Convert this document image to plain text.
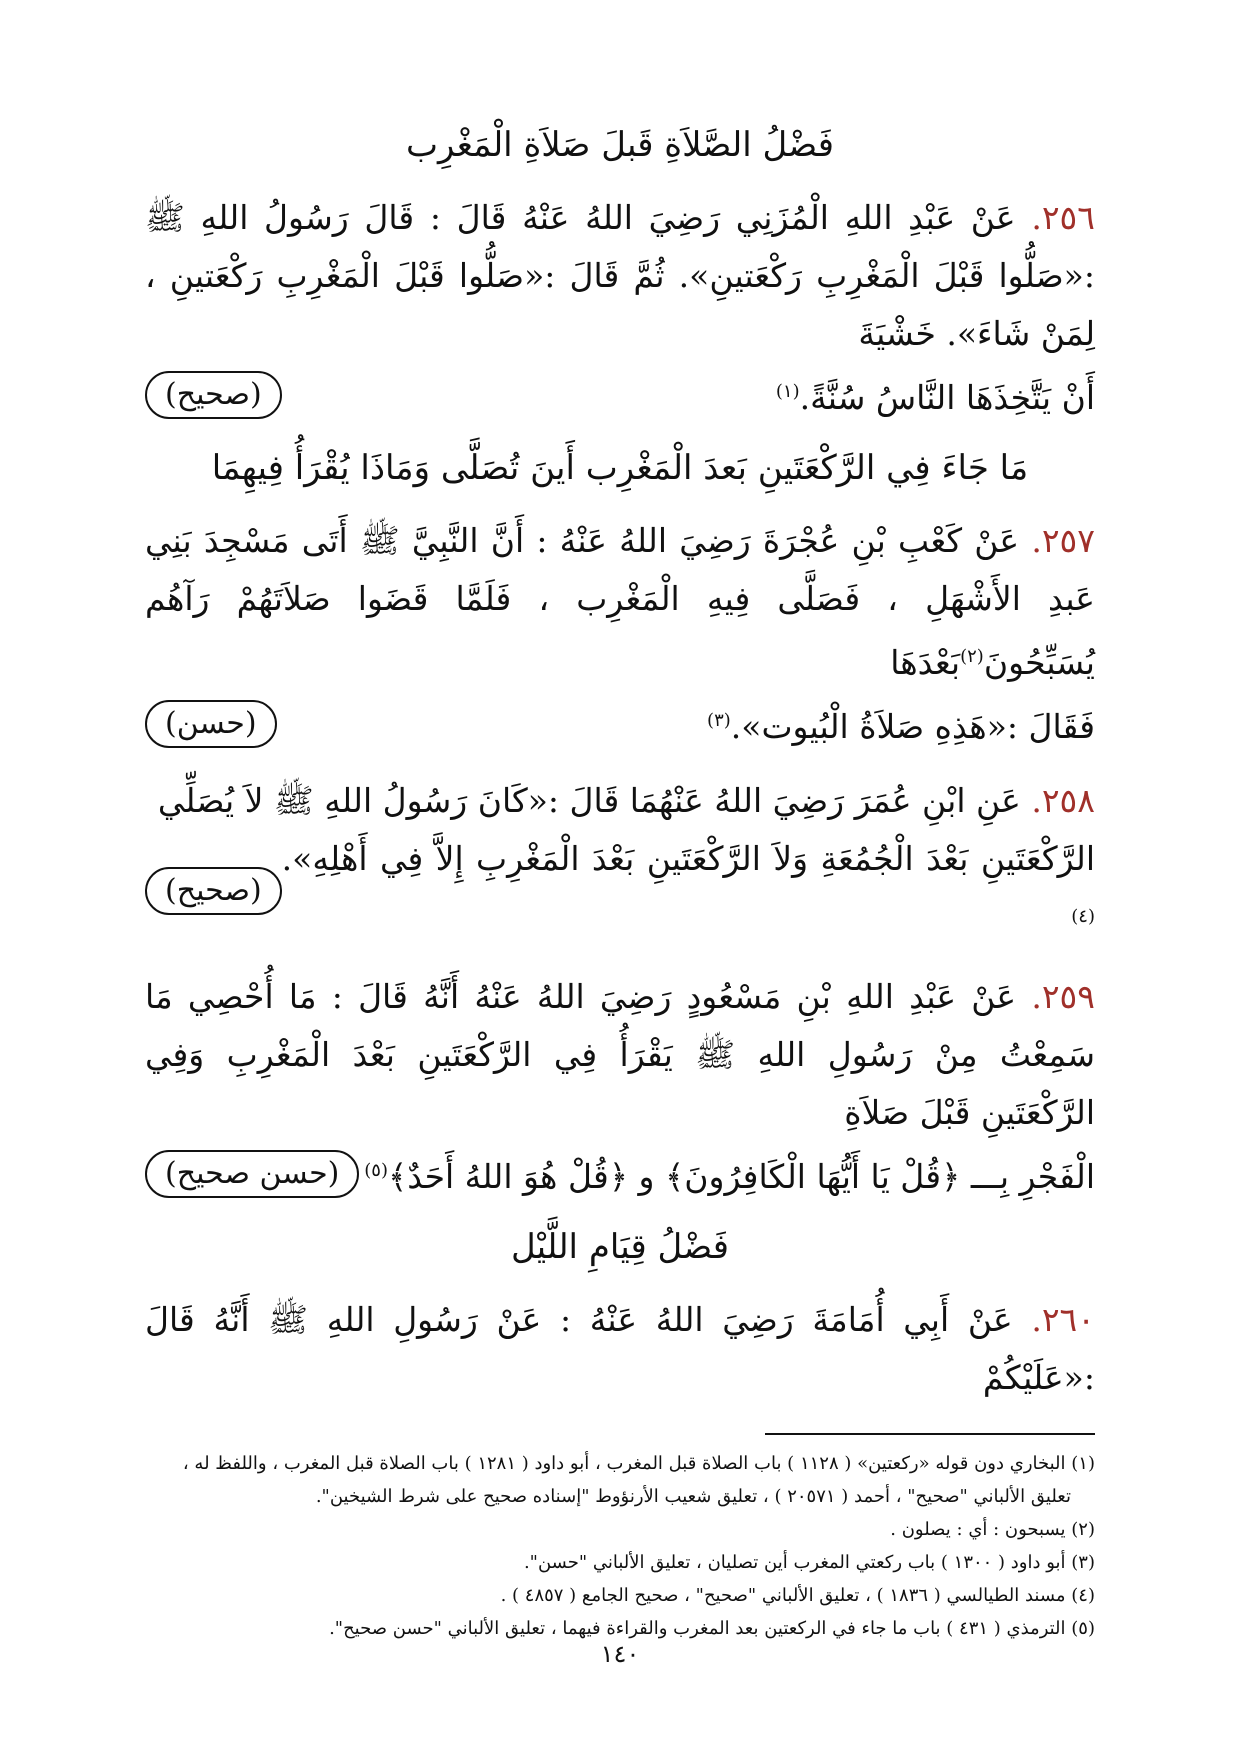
فَضْلُ الصَّلاَةِ قَبلَ صَلاَةِ الْمَغْرِب
٢٥٦. عَنْ عَبْدِ اللهِ الْمُزَنِي رَضِيَ اللهُ عَنْهُ قَالَ : قَالَ رَسُولُ اللهِ ﷺ :«صَلُّوا قَبْلَ الْمَغْرِبِ رَكْعَتينِ». ثُمَّ قَالَ :«صَلُّوا قَبْلَ الْمَغْرِبِ رَكْعَتينِ ، لِمَنْ شَاءَ». خَشْيَةَ
أَنْ يَتَّخِذَهَا النَّاسُ سُنَّةً.$^{(١)}$
(صحيح)
مَا جَاءَ فِي الرَّكْعَتَينِ بَعدَ الْمَغْرِب أَينَ تُصَلَّى وَمَاذَا يُقْرَأُ فِيهِمَا
٢٥٧. عَنْ كَعْبِ بْنِ عُجْرَةَ رَضِيَ اللهُ عَنْهُ : أَنَّ النَّبِيَّ ﷺ أَتَى مَسْجِدَ بَنِي عَبدِ الأَشْهَلِ ، فَصَلَّى فِيهِ الْمَغْرِب ، فَلَمَّا قَضَوا صَلاَتَهُمْ رَآهُم يُسَبِّحُونَ$^{(٢)}$بَعْدَهَا
فَقَالَ :«هَذِهِ صَلاَةُ الْبُيوت».$^{(٣)}$
(حسن)
٢٥٨. عَنِ ابْنِ عُمَرَ رَضِيَ اللهُ عَنْهُمَا قَالَ :«كَانَ رَسُولُ اللهِ ﷺ لاَ يُصَلِّي
الرَّكْعَتَينِ بَعْدَ الْجُمُعَةِ وَلاَ الرَّكْعَتَينِ بَعْدَ الْمَغْرِبِ إِلاَّ فِي أَهْلِهِ».$^{(٤)}$
(صحيح)
٢٥٩. عَنْ عَبْدِ اللهِ بْنِ مَسْعُودٍ رَضِيَ اللهُ عَنْهُ أَنَّهُ قَالَ : مَا أُحْصِي مَا سَمِعْتُ مِنْ رَسُولِ اللهِ ﷺ يَقْرَأُ فِي الرَّكْعَتَينِ بَعْدَ الْمَغْرِبِ وَفِي الرَّكْعَتَينِ قَبْلَ صَلاَةِ
الْفَجْرِ بِـــ ﴿قُلْ يَا أَيُّهَا الْكَافِرُونَ﴾ و ﴿قُلْ هُوَ اللهُ أَحَدٌ﴾$^{(٥)}$
(حسن صحيح)
فَضْلُ قِيَامِ اللَّيْل
٢٦٠. عَنْ أَبِي أُمَامَةَ رَضِيَ اللهُ عَنْهُ : عَنْ رَسُولِ اللهِ ﷺ أَنَّهُ قَالَ :«عَلَيْكُمْ
(١) البخاري دون قوله «ركعتين» ( ١١٢٨ ) باب الصلاة قبل المغرب ، أبو داود ( ١٢٨١ ) باب الصلاة قبل المغرب ، واللفظ له ،
تعليق الألباني "صحيح" ، أحمد ( ٢٠٥٧١ ) ، تعليق شعيب الأرنؤوط "إسناده صحيح على شرط الشيخين".
(٢) يسبحون : أي : يصلون .
(٣) أبو داود ( ١٣٠٠ ) باب ركعتي المغرب أين تصليان ، تعليق الألباني "حسن".
(٤) مسند الطيالسي ( ١٨٣٦ ) ، تعليق الألباني "صحيح" ، صحيح الجامع ( ٤٨٥٧ ) .
(٥) الترمذي ( ٤٣١ ) باب ما جاء في الركعتين بعد المغرب والقراءة فيهما ، تعليق الألباني "حسن صحيح".
١٤٠
